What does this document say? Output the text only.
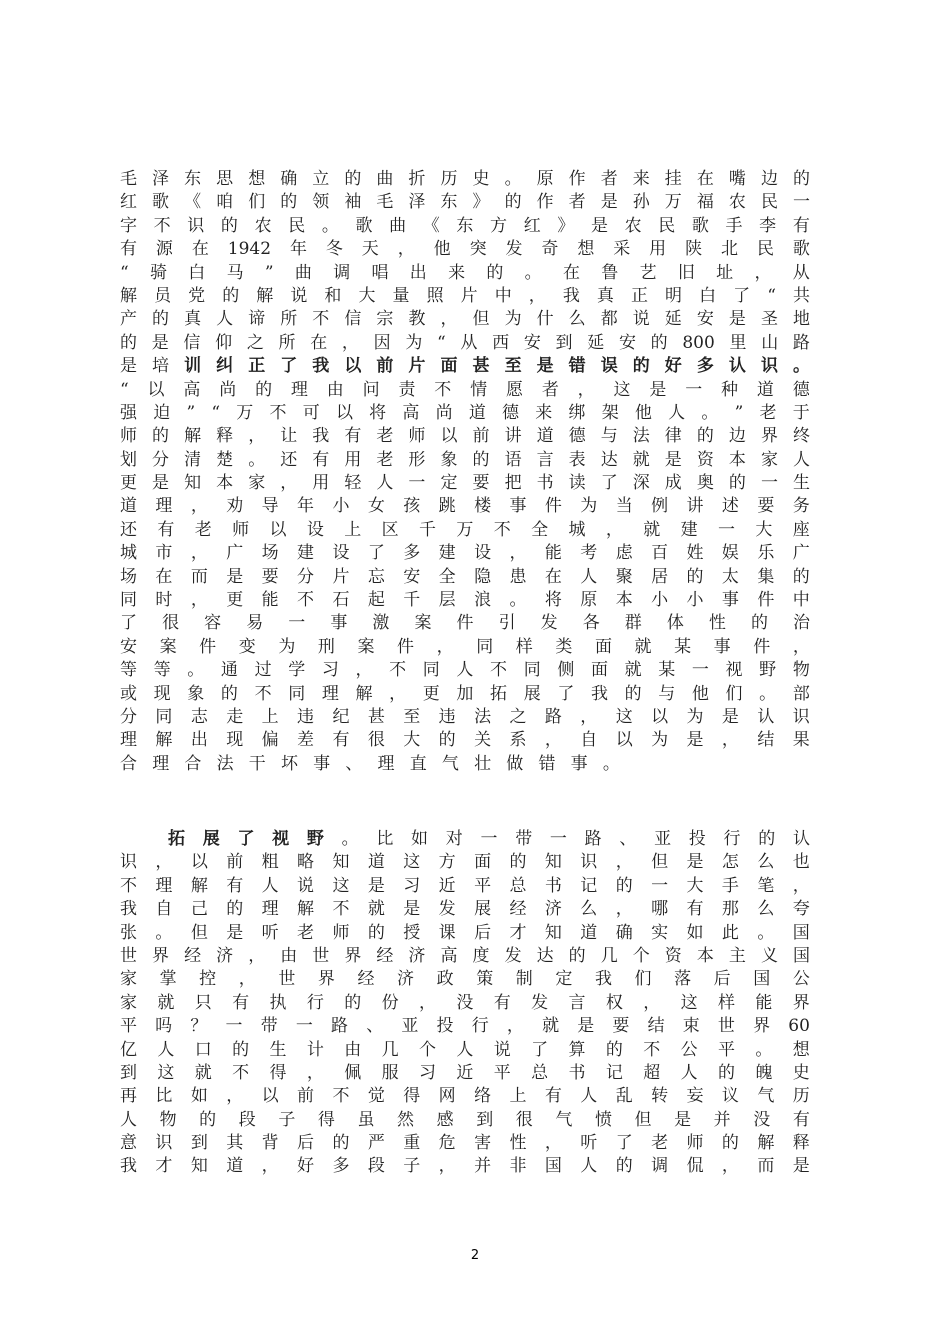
毛 泽 东 思 想 确 立 的 曲 折 历 史 。 原 作 者 来 挂 在 嘴 边 的
红 歌 《 咱 们 的 领 袖 毛 泽 东 》 的 作 者 是 孙 万 福 农 民 一
字 不 识 的 农 民 。 歌 曲 《 东 方 红 》 是 农 民 歌 手 李 有
有 源 在 1942 年 冬 天 ， 他 突 发 奇 想 采 用 陕 北 民 歌
“ 骑 白 马 ” 曲 调 唱 出 来 的 。 在 鲁 艺 旧 址 ， 从
解 员 党 的 解 说 和 大 量 照 片 中 ， 我 真 正 明 白 了 “ 共
产 的 真 人 谛 所 不 信 宗 教 ， 但 为 什 么 都 说 延 安 是 圣 地
的 是 信 仰 之 所 在 ， 因 为 “ 从 西 安 到 延 安 的 800 里 山 路
是 培 训 纠 正 了 我 以 前 片 面 甚 至 是 错 误 的 好 多 认 识 。
“ 以 高 尚 的 理 由 问 责 不 情 愿 者 ， 这 是 一 种 道 德
强 迫 ” “ 万 不 可 以 将 高 尚 道 德 来 绑 架 他 人 。 ” 老 于
师 的 解 释 ， 让 我 有 老 师 以 前 讲 道 德 与 法 律 的 边 界 终
划 分 清 楚 。 还 有 用 老 形 象 的 语 言 表 达 就 是 资 本 家 人
更 是 知 本 家 ， 用 轻 人 一 定 要 把 书 读 了 深 成 奥 的 一 生
道 理 ， 劝 导 年 小 女 孩 跳 楼 事 件 为 当 例 讲 述 要 务
还 有 老 师 以 设 上 区 千 万 不 全 城 ， 就 建 一 大 座
城 市 ， 广 场 建 设 了 多 建 设 ， 能 考 虑 百 姓 娱 乐 广
场 在 而 是 要 分 片 忘 安 全 隐 患 在 人 聚 居 的 太 集 的
同 时 ， 更 能 不 石 起 千 层 浪 。 将 原 本 小 小 事 件 中
了 很 容 易 一 事 激 案 件 引 发 各 群 体 性 的 治
安 案 件 变 为 刑 案 件 ， 同 样 类 面 就 某 事 件 ，
等 等 。 通 过 学 习 ， 不 同 人 不 同 侧 面 就 某 一 视 野 物
或 现 象 的 不 同 理 解 ， 更 加 拓 展 了 我 的 与 他 们 。 部
分 同 志 走 上 违 纪 甚 至 违 法 之 路 ， 这 以 为 是 认 识
理 解 出 现 偏 差 有 很 大 的 关 系 ， 自 以 为 是 ， 结 果
合 理 合 法 干 坏 事 、 理 直 气 壮 做 错 事 。
拓 展 了 视 野 。 比 如 对 一 带 一 路 、 亚 投 行 的 认
识 ， 以 前 粗 略 知 道 这 方 面 的 知 识 ， 但 是 怎 么 也
不 理 解 有 人 说 这 是 习 近 平 总 书 记 的 一 大 手 笔 ，
我 自 己 的 理 解 不 就 是 发 展 经 济 么 ， 哪 有 那 么 夸
张 。 但 是 听 老 师 的 授 课 后 才 知 道 确 实 如 此 。 国
世 界 经 济 ， 由 世 界 经 济 高 度 发 达 的 几 个 资 本 主 义 国
家 掌 控 ， 世 界 经 济 政 策 制 定 我 们 落 后 国 公
家 就 只 有 执 行 的 份 ， 没 有 发 言 权 ， 这 样 能 界
平 吗 ？ 一 带 一 路 、 亚 投 行 ， 就 是 要 结 束 世 界 60
亿 人 口 的 生 计 由 几 个 人 说 了 算 的 不 公 平 。 想
到 这 就 不 得 ， 佩 服 习 近 平 总 书 记 超 人 的 魄 史
再 比 如 ， 以 前 不 觉 得 网 络 上 有 人 乱 转 妄 议 气 历
人 物 的 段 子 得 虽 然 感 到 很 气 愤 但 是 并 没 有
意 识 到 其 背 后 的 严 重 危 害 性 ， 听 了 老 师 的 解 释
我 才 知 道 ， 好 多 段 子 ， 并 非 国 人 的 调 侃 ， 而 是
2
